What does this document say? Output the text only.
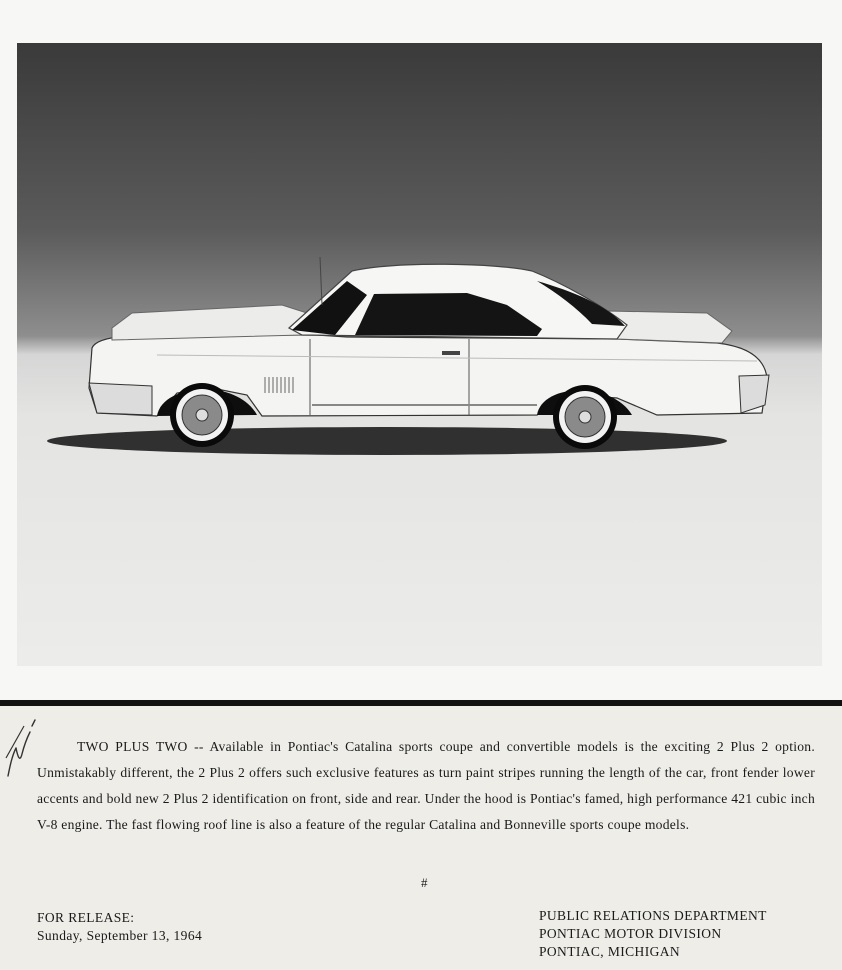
TWO PLUS TWO -- Available in Pontiac's Catalina sports coupe and convertible models is the exciting 2 Plus 2 option. Unmistakably different, the 2 Plus 2 offers such exclusive features as turn paint stripes running the length of the car, front fender lower accents and bold new 2 Plus 2 identification on front, side and rear. Under the hood is Pontiac's famed, high performance 421 cubic inch V-8 engine. The fast flowing roof line is also a feature of the regular Catalina and Bonneville sports coupe models.

#
FOR RELEASE:
Sunday, September 13, 1964
PUBLIC RELATIONS DEPARTMENT
PONTIAC MOTOR DIVISION
PONTIAC, MICHIGAN
